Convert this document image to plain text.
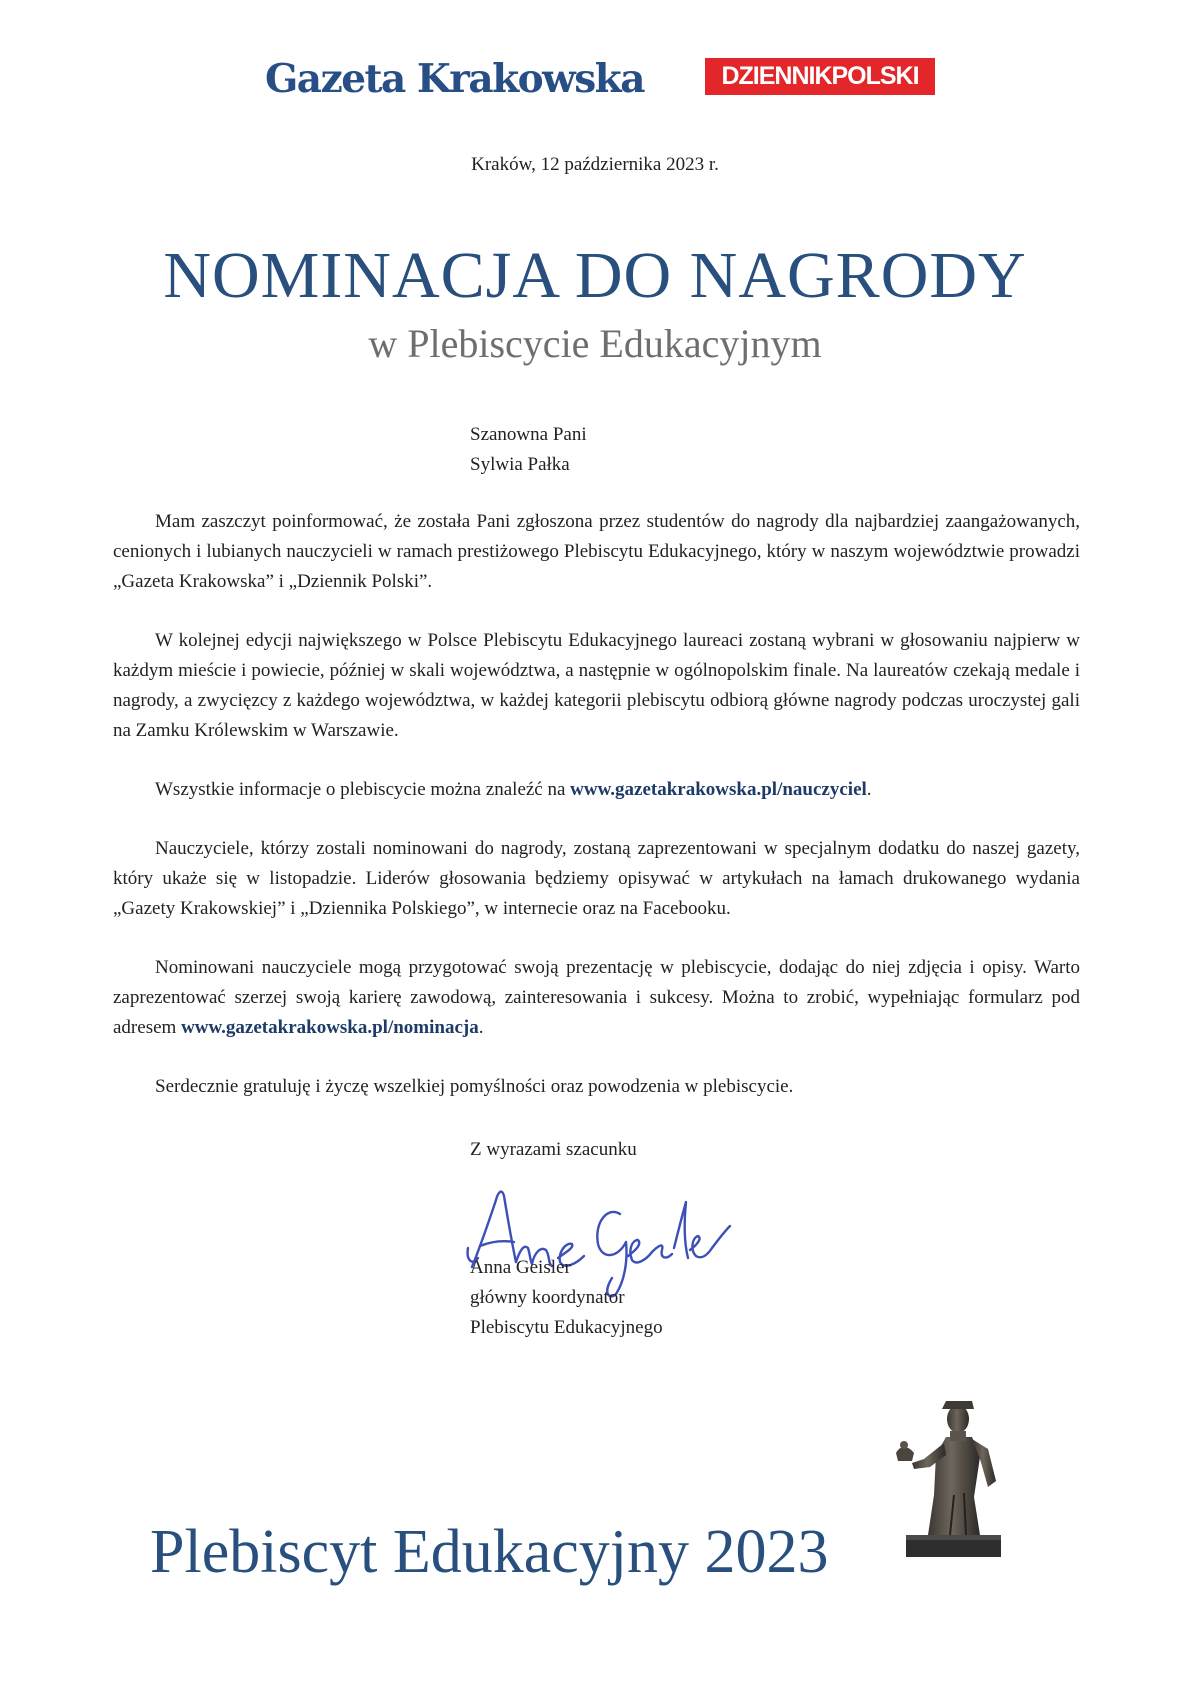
Gazeta Krakowska	DZIENNIKPOLSKI
Kraków, 12 października 2023 r.
NOMINACJA DO NAGRODY
w Plebiscycie Edukacyjnym
Szanowna Pani
Sylwia Pałka

Mam zaszczyt poinformować, że została Pani zgłoszona przez studentów do nagrody dla najbardziej zaangażowanych, cenionych i lubianych nauczycieli w ramach prestiżowego Plebiscytu Edukacyjnego, który w naszym województwie prowadzi „Gazeta Krakowska” i „Dziennik Polski”.

W kolejnej edycji największego w Polsce Plebiscytu Edukacyjnego laureaci zostaną wybrani w głosowaniu najpierw w każdym mieście i powiecie, później w skali województwa, a następnie w ogólnopolskim finale. Na laureatów czekają medale i nagrody, a zwycięzcy z każdego województwa, w każdej kategorii plebiscytu odbiorą główne nagrody podczas uroczystej gali na Zamku Królewskim w Warszawie.

Wszystkie informacje o plebiscycie można znaleźć na www.gazetakrakowska.pl/nauczyciel.

Nauczyciele, którzy zostali nominowani do nagrody, zostaną zaprezentowani w specjalnym dodatku do naszej gazety, który ukaże się w listopadzie. Liderów głosowania będziemy opisywać w artykułach na łamach drukowanego wydania „Gazety Krakowskiej” i „Dziennika Polskiego”, w internecie oraz na Facebooku.

Nominowani nauczyciele mogą przygotować swoją prezentację w plebiscycie, dodając do niej zdjęcia i opisy. Warto zaprezentować szerzej swoją karierę zawodową, zainteresowania i sukcesy. Można to zrobić, wypełniając formularz pod adresem www.gazetakrakowska.pl/nominacja.

Serdecznie gratuluję i życzę wszelkiej pomyślności oraz powodzenia w plebiscycie.

Z wyrazami szacunku
Anna Geisler
główny koordynator
Plebiscytu Edukacyjnego
Plebiscyt Edukacyjny 2023
